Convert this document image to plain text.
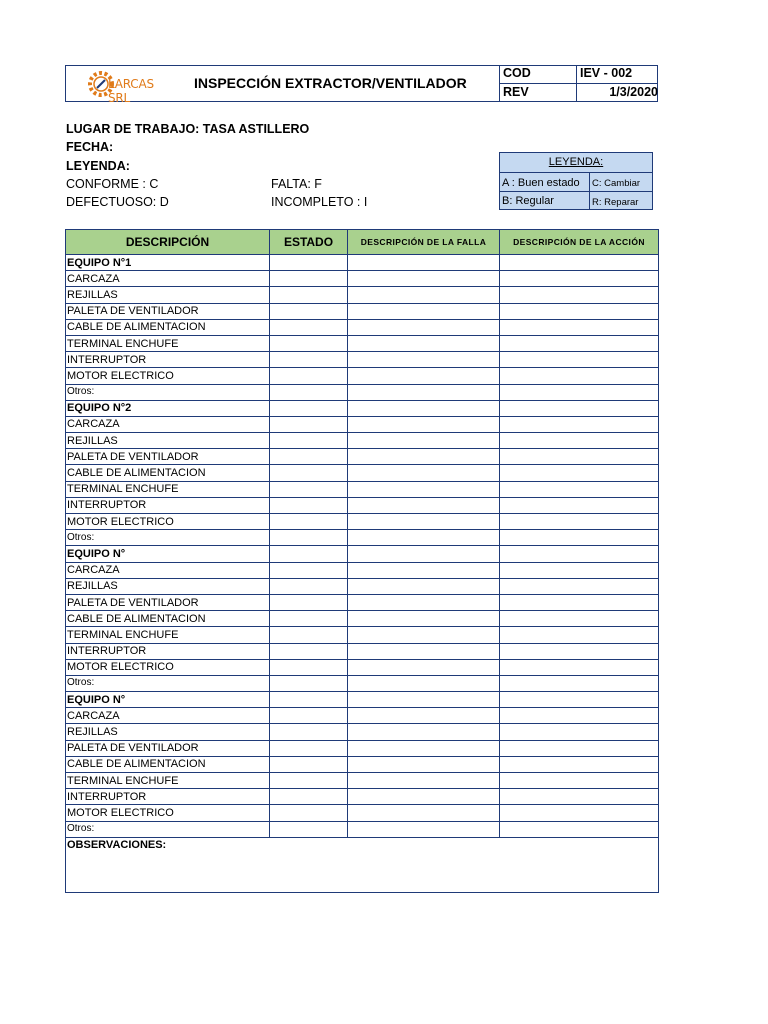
LARCAS SRL
INSPECCIÓN EXTRACTOR/VENTILADOR
COD	IEV - 002
REV	1/3/2020
LUGAR DE TRABAJO: TASA ASTILLERO
FECHA:
LEYENDA:
CONFORME : C	FALTA: F
DEFECTUOSO: D	INCOMPLETO : I
LEYENDA:
A : Buen estado C: Cambiar
B: Regular	R: Reparar
DESCRIPCIÓN	ESTADO	DESCRIPCIÓN DE LA FALLA	DESCRIPCIÓN DE LA ACCIÓN
EQUIPO N°1			
CARCAZA			
REJILLAS			
PALETA DE VENTILADOR			
CABLE DE ALIMENTACION			
TERMINAL ENCHUFE			
INTERRUPTOR			
MOTOR ELECTRICO			
Otros:			
EQUIPO N°2			
CARCAZA			
REJILLAS			
PALETA DE VENTILADOR			
CABLE DE ALIMENTACION			
TERMINAL ENCHUFE			
INTERRUPTOR			
MOTOR ELECTRICO			
Otros:			
EQUIPO N°			
CARCAZA			
REJILLAS			
PALETA DE VENTILADOR			
CABLE DE ALIMENTACION			
TERMINAL ENCHUFE			
INTERRUPTOR			
MOTOR ELECTRICO			
Otros:			
EQUIPO N°			
CARCAZA			
REJILLAS			
PALETA DE VENTILADOR			
CABLE DE ALIMENTACION			
TERMINAL ENCHUFE			
INTERRUPTOR			
MOTOR ELECTRICO			
Otros:			
OBSERVACIONES:			
